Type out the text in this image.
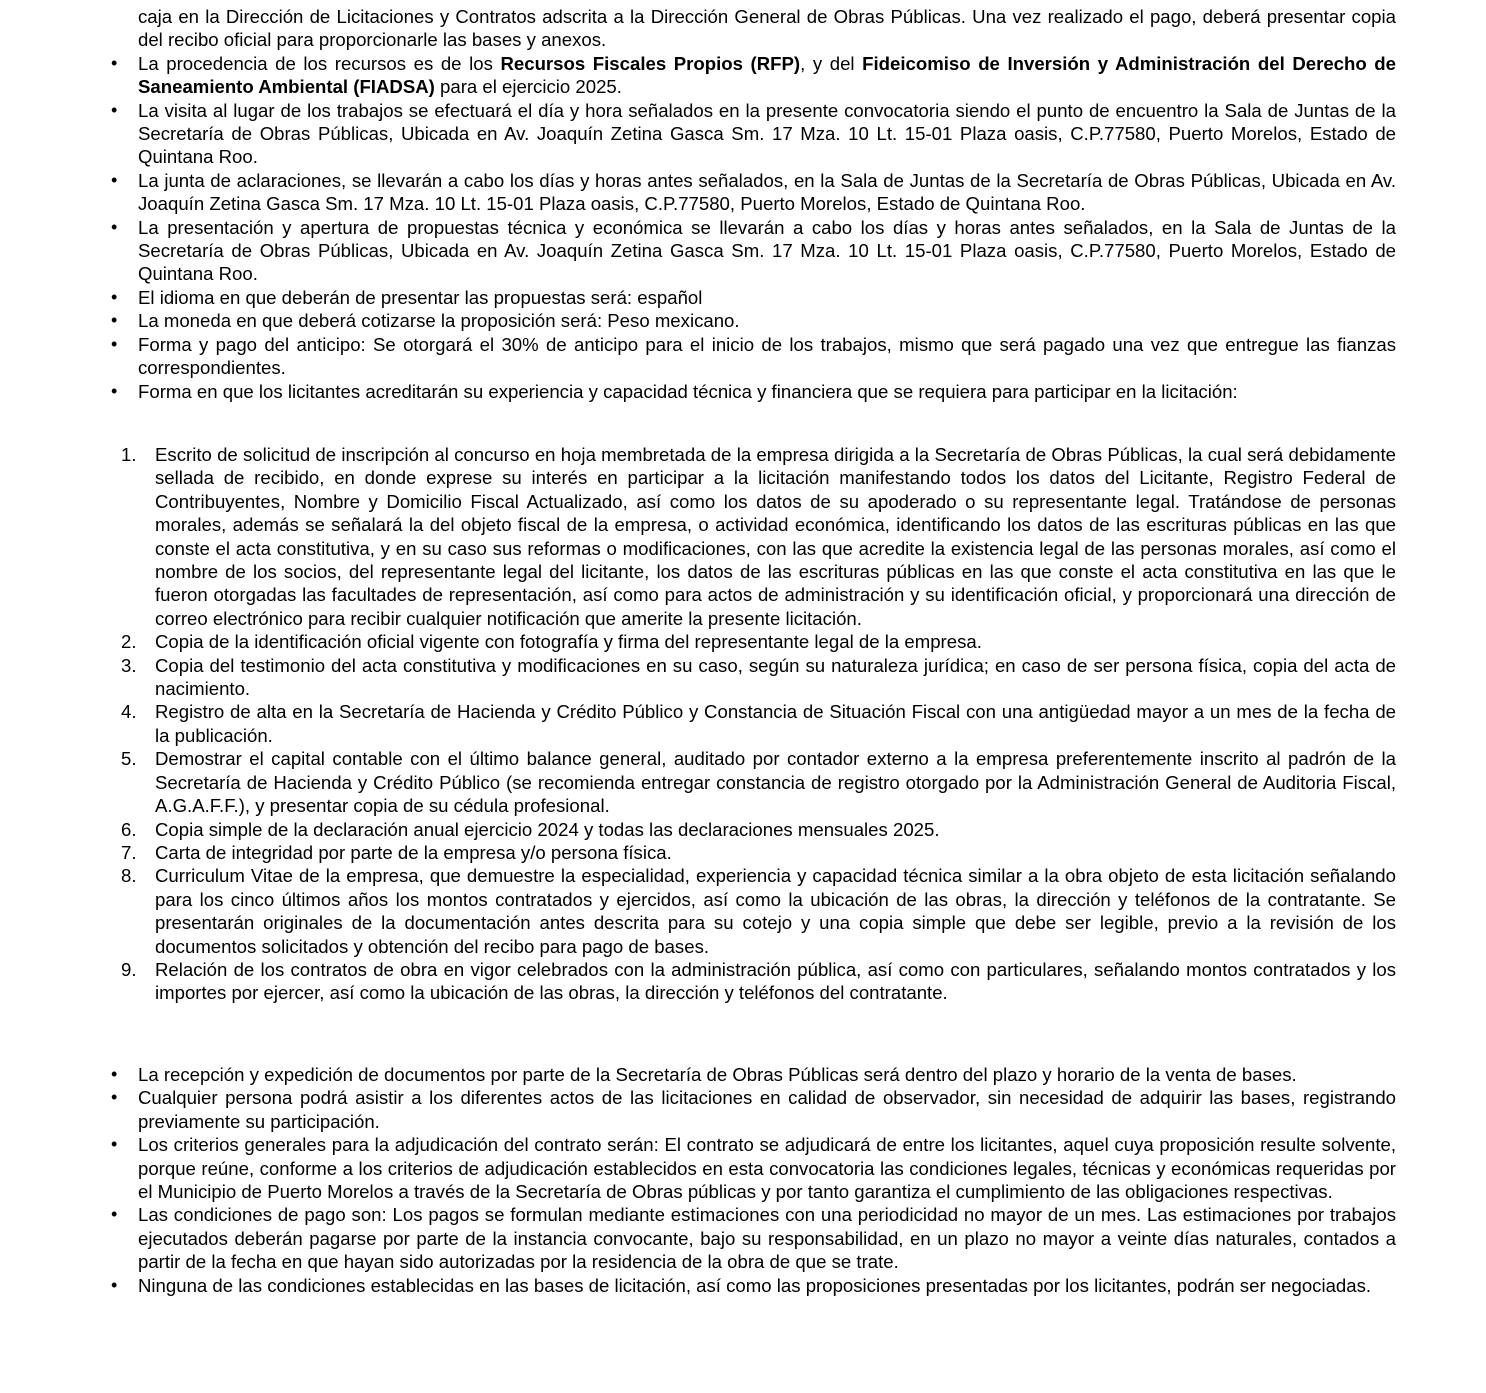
caja en la Dirección de Licitaciones y Contratos adscrita a la Dirección General de Obras Públicas. Una vez realizado el pago, deberá presentar copia del recibo oficial para proporcionarle las bases y anexos.
• La procedencia de los recursos es de los Recursos Fiscales Propios (RFP), y del Fideicomiso de Inversión y Administración del Derecho de Saneamiento Ambiental (FIADSA) para el ejercicio 2025.
• La visita al lugar de los trabajos se efectuará el día y hora señalados en la presente convocatoria siendo el punto de encuentro la Sala de Juntas de la Secretaría de Obras Públicas, Ubicada en Av. Joaquín Zetina Gasca Sm. 17 Mza. 10 Lt. 15-01 Plaza oasis, C.P.77580, Puerto Morelos, Estado de Quintana Roo.
• La junta de aclaraciones, se llevarán a cabo los días y horas antes señalados, en la Sala de Juntas de la Secretaría de Obras Públicas, Ubicada en Av. Joaquín Zetina Gasca Sm. 17 Mza. 10 Lt. 15-01 Plaza oasis, C.P.77580, Puerto Morelos, Estado de Quintana Roo.
• La presentación y apertura de propuestas técnica y económica se llevarán a cabo los días y horas antes señalados, en la Sala de Juntas de la Secretaría de Obras Públicas, Ubicada en Av. Joaquín Zetina Gasca Sm. 17 Mza. 10 Lt. 15-01 Plaza oasis, C.P.77580, Puerto Morelos, Estado de Quintana Roo.
• El idioma en que deberán de presentar las propuestas será: español
• La moneda en que deberá cotizarse la proposición será: Peso mexicano.
• Forma y pago del anticipo: Se otorgará el 30% de anticipo para el inicio de los trabajos, mismo que será pagado una vez que entregue las fianzas correspondientes.
• Forma en que los licitantes acreditarán su experiencia y capacidad técnica y financiera que se requiera para participar en la licitación:
1. Escrito de solicitud de inscripción al concurso en hoja membretada de la empresa dirigida a la Secretaría de Obras Públicas, la cual será debidamente sellada de recibido, en donde exprese su interés en participar a la licitación manifestando todos los datos del Licitante, Registro Federal de Contribuyentes, Nombre y Domicilio Fiscal Actualizado, así como los datos de su apoderado o su representante legal. Tratándose de personas morales, además se señalará la del objeto fiscal de la empresa, o actividad económica, identificando los datos de las escrituras públicas en las que conste el acta constitutiva, y en su caso sus reformas o modificaciones, con las que acredite la existencia legal de las personas morales, así como el nombre de los socios, del representante legal del licitante, los datos de las escrituras públicas en las que conste el acta constitutiva en las que le fueron otorgadas las facultades de representación, así como para actos de administración y su identificación oficial, y proporcionará una dirección de correo electrónico para recibir cualquier notificación que amerite la presente licitación.
2. Copia de la identificación oficial vigente con fotografía y firma del representante legal de la empresa.
3. Copia del testimonio del acta constitutiva y modificaciones en su caso, según su naturaleza jurídica; en caso de ser persona física, copia del acta de nacimiento.
4. Registro de alta en la Secretaría de Hacienda y Crédito Público y Constancia de Situación Fiscal con una antigüedad mayor a un mes de la fecha de la publicación.
5. Demostrar el capital contable con el último balance general, auditado por contador externo a la empresa preferentemente inscrito al padrón de la Secretaría de Hacienda y Crédito Público (se recomienda entregar constancia de registro otorgado por la Administración General de Auditoria Fiscal, A.G.A.F.F.), y presentar copia de su cédula profesional.
6. Copia simple de la declaración anual ejercicio 2024 y todas las declaraciones mensuales 2025.
7. Carta de integridad por parte de la empresa y/o persona física.
8. Curriculum Vitae de la empresa, que demuestre la especialidad, experiencia y capacidad técnica similar a la obra objeto de esta licitación señalando para los cinco últimos años los montos contratados y ejercidos, así como la ubicación de las obras, la dirección y teléfonos de la contratante. Se presentarán originales de la documentación antes descrita para su cotejo y una copia simple que debe ser legible, previo a la revisión de los documentos solicitados y obtención del recibo para pago de bases.
9. Relación de los contratos de obra en vigor celebrados con la administración pública, así como con particulares, señalando montos contratados y los importes por ejercer, así como la ubicación de las obras, la dirección y teléfonos del contratante.
• La recepción y expedición de documentos por parte de la Secretaría de Obras Públicas será dentro del plazo y horario de la venta de bases.
• Cualquier persona podrá asistir a los diferentes actos de las licitaciones en calidad de observador, sin necesidad de adquirir las bases, registrando previamente su participación.
• Los criterios generales para la adjudicación del contrato serán: El contrato se adjudicará de entre los licitantes, aquel cuya proposición resulte solvente, porque reúne, conforme a los criterios de adjudicación establecidos en esta convocatoria las condiciones legales, técnicas y económicas requeridas por el Municipio de Puerto Morelos a través de la Secretaría de Obras públicas y por tanto garantiza el cumplimiento de las obligaciones respectivas.
• Las condiciones de pago son: Los pagos se formulan mediante estimaciones con una periodicidad no mayor de un mes. Las estimaciones por trabajos ejecutados deberán pagarse por parte de la instancia convocante, bajo su responsabilidad, en un plazo no mayor a veinte días naturales, contados a partir de la fecha en que hayan sido autorizadas por la residencia de la obra de que se trate.
• Ninguna de las condiciones establecidas en las bases de licitación, así como las proposiciones presentadas por los licitantes, podrán ser negociadas.
